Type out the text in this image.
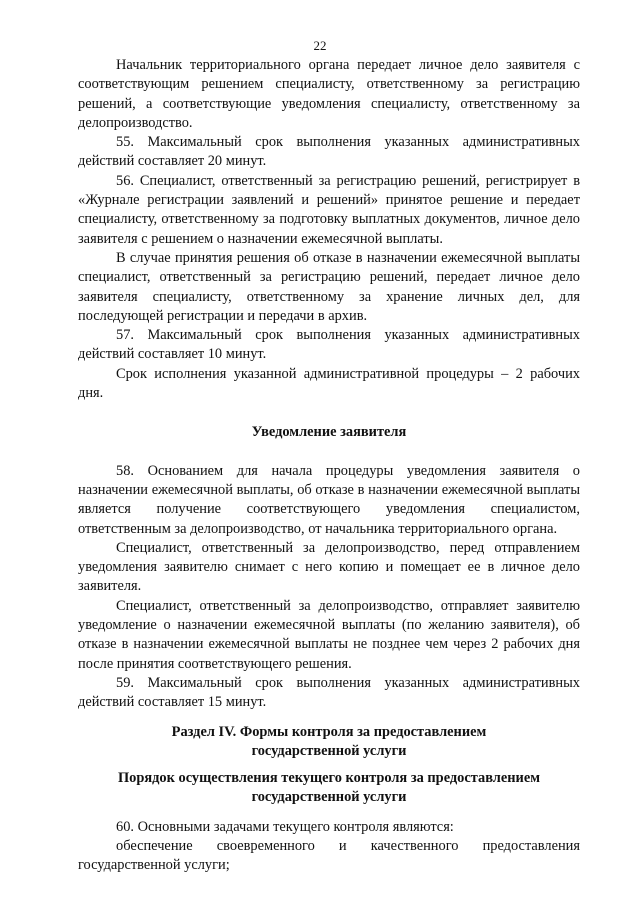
22

Начальник территориального органа передает личное дело заявителя с соответствующим решением специалисту, ответственному за регистрацию решений, а соответствующие уведомления специалисту, ответственному за делопроизводство.

55. Максимальный срок выполнения указанных административных действий составляет 20 минут.

56. Специалист, ответственный за регистрацию решений, регистрирует в «Журнале регистрации заявлений и решений» принятое решение и передает специалисту, ответственному за подготовку выплатных документов, личное дело заявителя с решением о назначении ежемесячной выплаты.

В случае принятия решения об отказе в назначении ежемесячной выплаты специалист, ответственный за регистрацию решений, передает личное дело заявителя специалисту, ответственному за хранение личных дел, для последующей регистрации и передачи в архив.

57. Максимальный срок выполнения указанных административных действий составляет 10 минут.

Срок исполнения указанной административной процедуры – 2 рабочих дня.

Уведомление заявителя

58. Основанием для начала процедуры уведомления заявителя о назначении ежемесячной выплаты, об отказе в назначении ежемесячной выплаты является получение соответствующего уведомления специалистом, ответственным за делопроизводство, от начальника территориального органа.

Специалист, ответственный за делопроизводство, перед отправлением уведомления заявителю снимает с него копию и помещает ее в личное дело заявителя.

Специалист, ответственный за делопроизводство, отправляет заявителю уведомление о назначении ежемесячной выплаты (по желанию заявителя), об отказе в назначении ежемесячной выплаты не позднее чем через 2 рабочих дня после принятия соответствующего решения.

59. Максимальный срок выполнения указанных административных действий составляет 15 минут.

Раздел IV. Формы контроля за предоставлением
государственной услуги
Порядок осуществления текущего контроля за предоставлением
государственной услуги

60. Основными задачами текущего контроля являются:

обеспечение своевременного и качественного предоставления государственной услуги;
